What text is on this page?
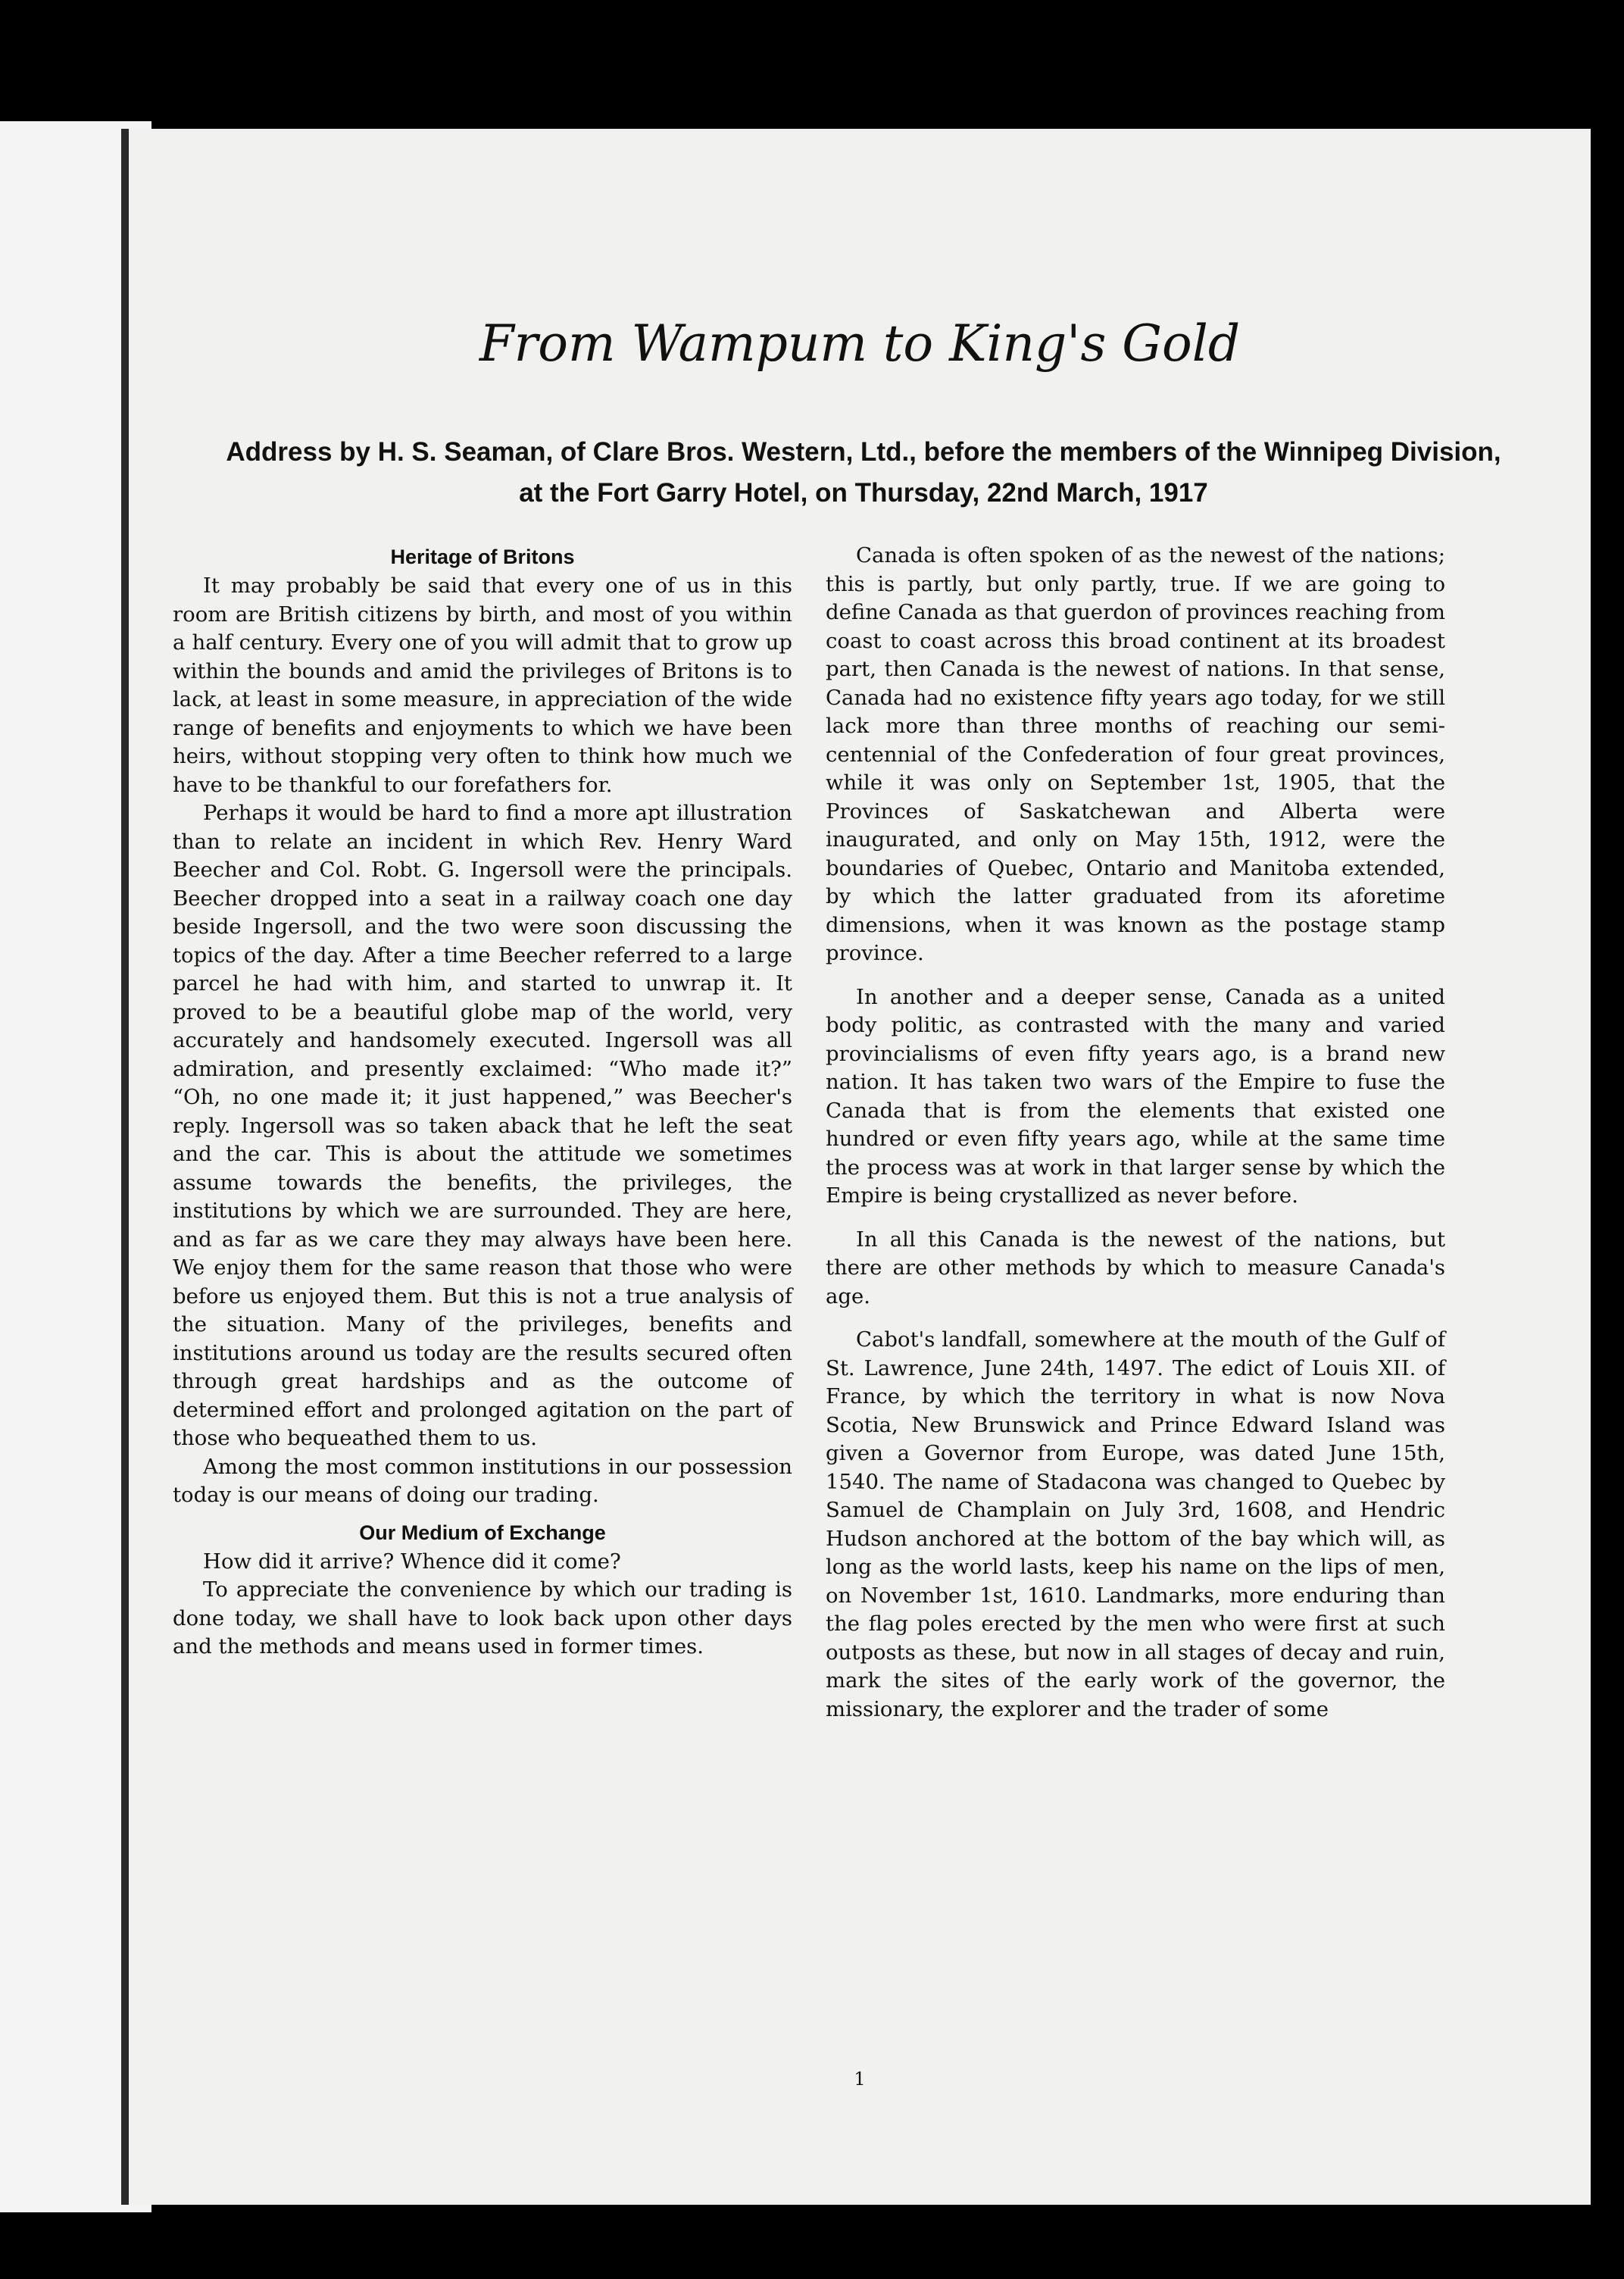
From Wampum to King's Gold

Address by H. S. Seaman, of Clare Bros. Western, Ltd., before the members of the Winnipeg Division, at the Fort Garry Hotel, on Thursday, 22nd March, 1917

Heritage of Britons

It may probably be said that every one of us in this room are British citizens by birth, and most of you within a half century. Every one of you will admit that to grow up within the bounds and amid the privileges of Britons is to lack, at least in some measure, in appreciation of the wide range of benefits and enjoyments to which we have been heirs, without stopping very often to think how much we have to be thankful to our forefathers for.

Perhaps it would be hard to find a more apt illustration than to relate an incident in which Rev. Henry Ward Beecher and Col. Robt. G. Ingersoll were the principals. Beecher dropped into a seat in a railway coach one day beside Ingersoll, and the two were soon discussing the topics of the day. After a time Beecher referred to a large parcel he had with him, and started to unwrap it. It proved to be a beautiful globe map of the world, very accurately and handsomely executed. Ingersoll was all admiration, and presently exclaimed: “Who made it?” “Oh, no one made it; it just happened,” was Beecher's reply. Ingersoll was so taken aback that he left the seat and the car. This is about the attitude we sometimes assume towards the benefits, the privileges, the institutions by which we are surrounded. They are here, and as far as we care they may always have been here. We enjoy them for the same reason that those who were before us enjoyed them. But this is not a true analysis of the situation. Many of the privileges, benefits and institutions around us today are the results secured often through great hardships and as the outcome of determined effort and prolonged agitation on the part of those who bequeathed them to us.

Among the most common institutions in our possession today is our means of doing our trading.

Our Medium of Exchange

How did it arrive? Whence did it come?

To appreciate the convenience by which our trading is done today, we shall have to look back upon other days and the methods and means used in former times.

Canada is often spoken of as the newest of the nations; this is partly, but only partly, true. If we are going to define Canada as that guerdon of provinces reaching from coast to coast across this broad continent at its broadest part, then Canada is the newest of nations. In that sense, Canada had no existence fifty years ago today, for we still lack more than three months of reaching our semi-centennial of the Confederation of four great provinces, while it was only on September 1st, 1905, that the Provinces of Saskatchewan and Alberta were inaugurated, and only on May 15th, 1912, were the boundaries of Quebec, Ontario and Manitoba extended, by which the latter graduated from its aforetime dimensions, when it was known as the postage stamp province.

In another and a deeper sense, Canada as a united body politic, as contrasted with the many and varied provincialisms of even fifty years ago, is a brand new nation. It has taken two wars of the Empire to fuse the Canada that is from the elements that existed one hundred or even fifty years ago, while at the same time the process was at work in that larger sense by which the Empire is being crystallized as never before.

In all this Canada is the newest of the nations, but there are other methods by which to measure Canada's age.

Cabot's landfall, somewhere at the mouth of the Gulf of St. Lawrence, June 24th, 1497. The edict of Louis XII. of France, by which the territory in what is now Nova Scotia, New Brunswick and Prince Edward Island was given a Governor from Europe, was dated June 15th, 1540. The name of Stadacona was changed to Quebec by Samuel de Champlain on July 3rd, 1608, and Hendric Hudson anchored at the bottom of the bay which will, as long as the world lasts, keep his name on the lips of men, on November 1st, 1610. Landmarks, more enduring than the flag poles erected by the men who were first at such outposts as these, but now in all stages of decay and ruin, mark the sites of the early work of the governor, the missionary, the explorer and the trader of some

1
